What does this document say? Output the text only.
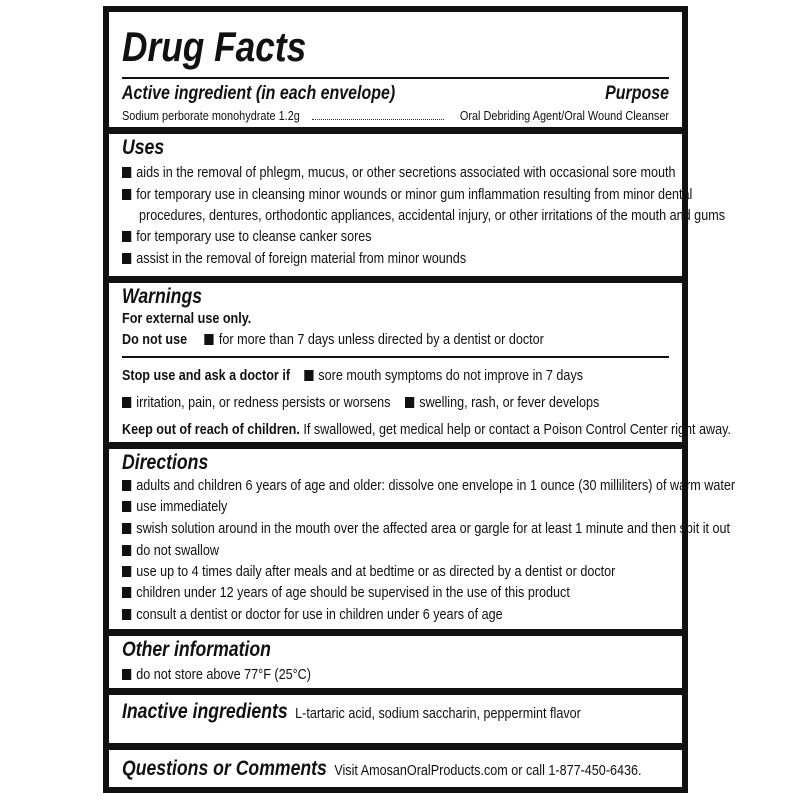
Drug Facts
Active ingredient (in each envelope)	Purpose
Sodium perborate monohydrate 1.2g	Oral Debriding Agent/Oral Wound Cleanser
Uses
aids in the removal of phlegm, mucus, or other secretions associated with occasional sore mouth
for temporary use in cleansing minor wounds or minor gum inflammation resulting from minor dental
procedures, dentures, orthodontic appliances, accidental injury, or other irritations of the mouth and gums
for temporary use to cleanse canker sores
assist in the removal of foreign material from minor wounds
Warnings
For external use only.
Do not use for more than 7 days unless directed by a dentist or doctor
Stop use and ask a doctor if sore mouth symptoms do not improve in 7 days
irritation, pain, or redness persists or worsens	swelling, rash, or fever develops
Keep out of reach of children. If swallowed, get medical help or contact a Poison Control Center right away.
Directions
adults and children 6 years of age and older: dissolve one envelope in 1 ounce (30 milliliters) of warm water
use immediately
swish solution around in the mouth over the affected area or gargle for at least 1 minute and then spit it out
do not swallow
use up to 4 times daily after meals and at bedtime or as directed by a dentist or doctor
children under 12 years of age should be supervised in the use of this product
consult a dentist or doctor for use in children under 6 years of age
Other information
do not store above 77°F (25°C)
Inactive ingredients L-tartaric acid, sodium saccharin, peppermint flavor
Questions or Comments Visit AmosanOralProducts.com or call 1-877-450-6436.
